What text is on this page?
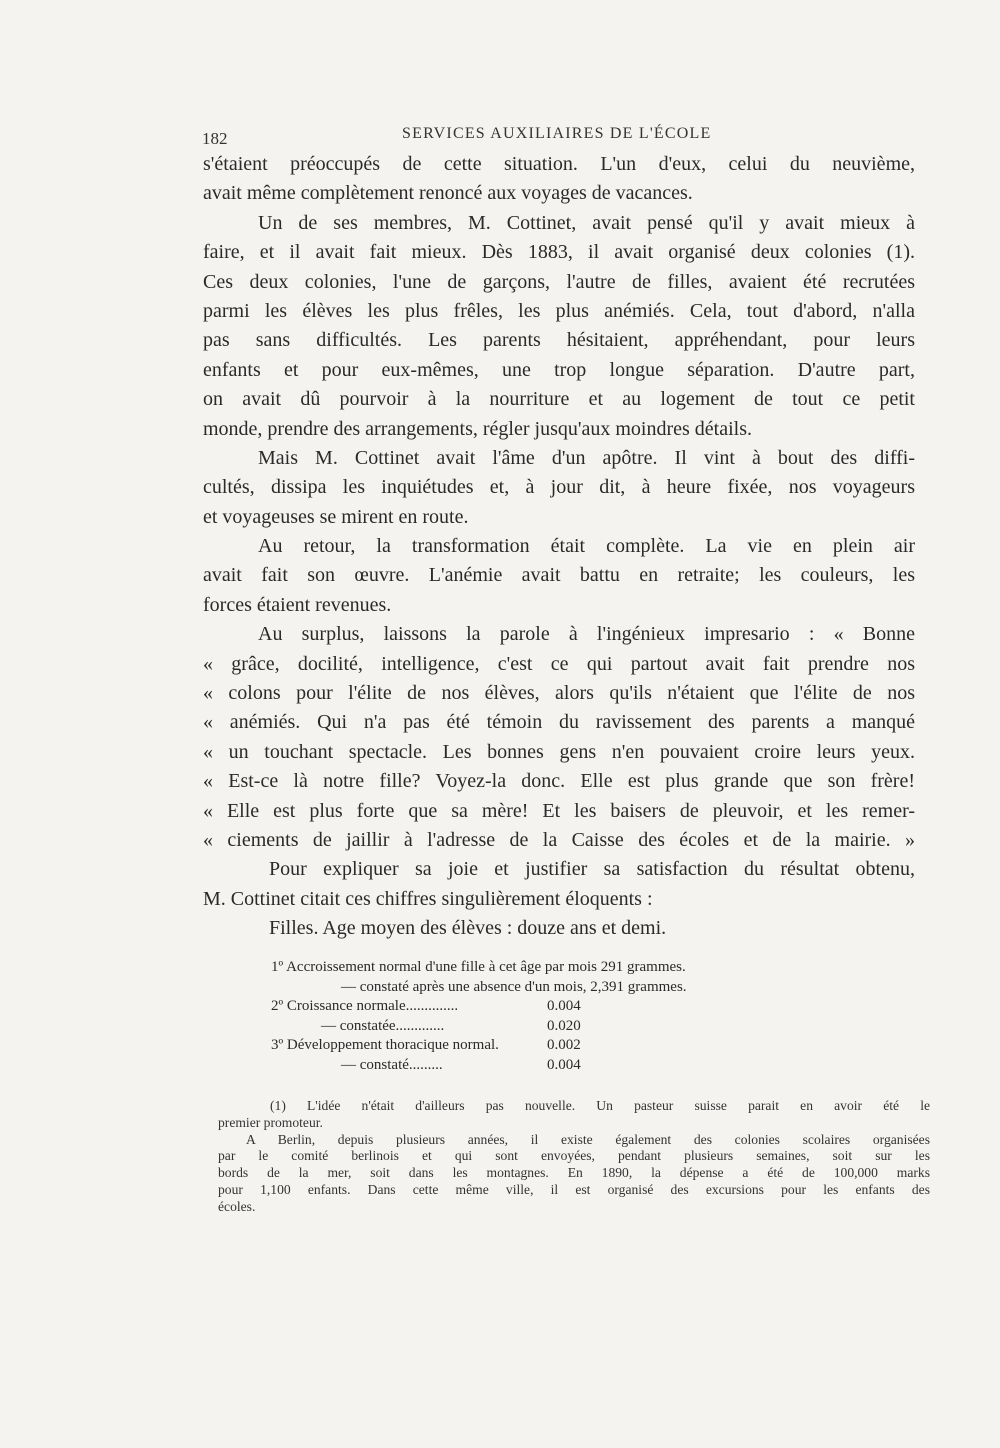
182	SERVICES AUXILIAIRES DE L'ÉCOLE
s'étaient préoccupés de cette situation. L'un d'eux, celui du neuvième,
avait même complètement renoncé aux voyages de vacances.
Un de ses membres, M. Cottinet, avait pensé qu'il y avait mieux à
faire, et il avait fait mieux. Dès 1883, il avait organisé deux colonies (1).
Ces deux colonies, l'une de garçons, l'autre de filles, avaient été recrutées
parmi les élèves les plus frêles, les plus anémiés. Cela, tout d'abord, n'alla
pas sans difficultés. Les parents hésitaient, appréhendant, pour leurs
enfants et pour eux-mêmes, une trop longue séparation. D'autre part,
on avait dû pourvoir à la nourriture et au logement de tout ce petit
monde, prendre des arrangements, régler jusqu'aux moindres détails.
Mais M. Cottinet avait l'âme d'un apôtre. Il vint à bout des diffi-
cultés, dissipa les inquiétudes et, à jour dit, à heure fixée, nos voyageurs
et voyageuses se mirent en route.
Au retour, la transformation était complète. La vie en plein air
avait fait son œuvre. L'anémie avait battu en retraite; les couleurs, les
forces étaient revenues.
Au surplus, laissons la parole à l'ingénieux impresario : « Bonne
« grâce, docilité, intelligence, c'est ce qui partout avait fait prendre nos
« colons pour l'élite de nos élèves, alors qu'ils n'étaient que l'élite de nos
« anémiés. Qui n'a pas été témoin du ravissement des parents a manqué
« un touchant spectacle. Les bonnes gens n'en pouvaient croire leurs yeux.
« Est-ce là notre fille? Voyez-la donc. Elle est plus grande que son frère!
« Elle est plus forte que sa mère! Et les baisers de pleuvoir, et les remer-
« ciements de jaillir à l'adresse de la Caisse des écoles et de la mairie. »
Pour expliquer sa joie et justifier sa satisfaction du résultat obtenu,
M. Cottinet citait ces chiffres singulièrement éloquents :
Filles. Age moyen des élèves : douze ans et demi.
1º Accroissement normal d'une fille à cet âge par mois 291 grammes.
— constaté après une absence d'un mois, 2,391 grammes.
2º Croissance normale..............	0.004
— constatée.............	0.020
3º Développement thoracique normal.	0.002
— constaté.........	0.004
(1) L'idée n'était d'ailleurs pas nouvelle. Un pasteur suisse parait en avoir été le
premier promoteur.
A Berlin, depuis plusieurs années, il existe également des colonies scolaires organisées
par le comité berlinois et qui sont envoyées, pendant plusieurs semaines, soit sur les
bords de la mer, soit dans les montagnes. En 1890, la dépense a été de 100,000 marks
pour 1,100 enfants. Dans cette même ville, il est organisé des excursions pour les enfants des
écoles.
